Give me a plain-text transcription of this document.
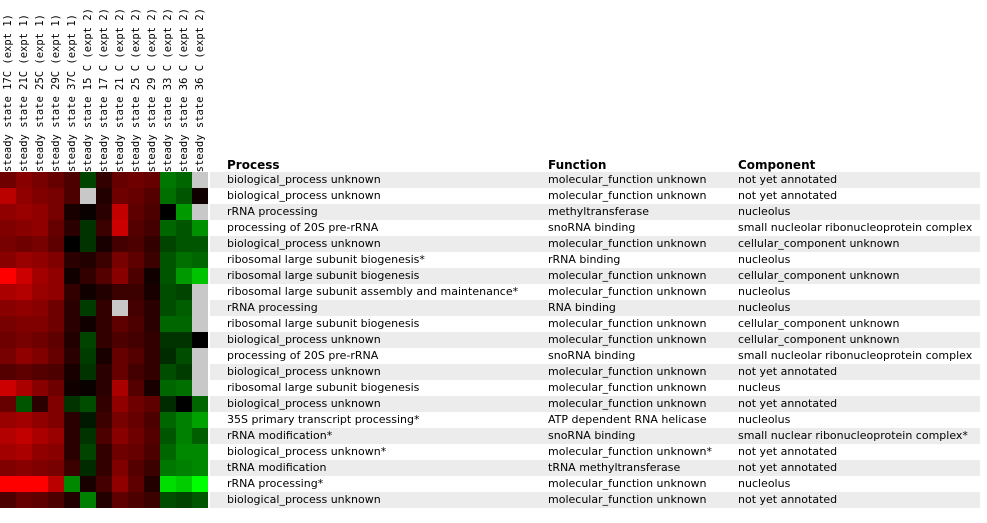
steady state 17C (expt 1) steady state 21C (expt 1) steady state 25C (expt 1) steady state 29C (expt 1) steady state 37C (expt 1) steady state 15 C (expt 2) steady state 17 C (expt 2) steady state 21 C (expt 2) steady state 25 C (expt 2) steady state 29 C (expt 2) steady state 33 C (expt 2) steady state 36 C (expt 2) steady state 36 C (expt 2) Process	Function	Component
biological_process unknown	molecular_function unknown	not yet annotated
biological_process unknown	molecular_function unknown	not yet annotated
rRNA processing	methyltransferase	nucleolus
processing of 20S pre-rRNA	snoRNA binding	small nucleolar ribonucleoprotein complex
biological_process unknown	molecular_function unknown	cellular_component unknown
ribosomal large subunit biogenesis*	rRNA binding	nucleolus
ribosomal large subunit biogenesis	molecular_function unknown	cellular_component unknown
ribosomal large subunit assembly and maintenance*	molecular_function unknown	nucleolus
rRNA processing	RNA binding	nucleolus
ribosomal large subunit biogenesis	molecular_function unknown	cellular_component unknown
biological_process unknown	molecular_function unknown	cellular_component unknown
processing of 20S pre-rRNA	snoRNA binding	small nucleolar ribonucleoprotein complex
biological_process unknown	molecular_function unknown	not yet annotated
ribosomal large subunit biogenesis	molecular_function unknown	nucleus
biological_process unknown	molecular_function unknown	not yet annotated
35S primary transcript processing*	ATP dependent RNA helicase	nucleolus
rRNA modification*	snoRNA binding	small nuclear ribonucleoprotein complex*
biological_process unknown*	molecular_function unknown* not yet annotated
tRNA modification	tRNA methyltransferase	not yet annotated
rRNA processing*	molecular_function unknown	nucleolus
biological_process unknown	molecular_function unknown	not yet annotated
